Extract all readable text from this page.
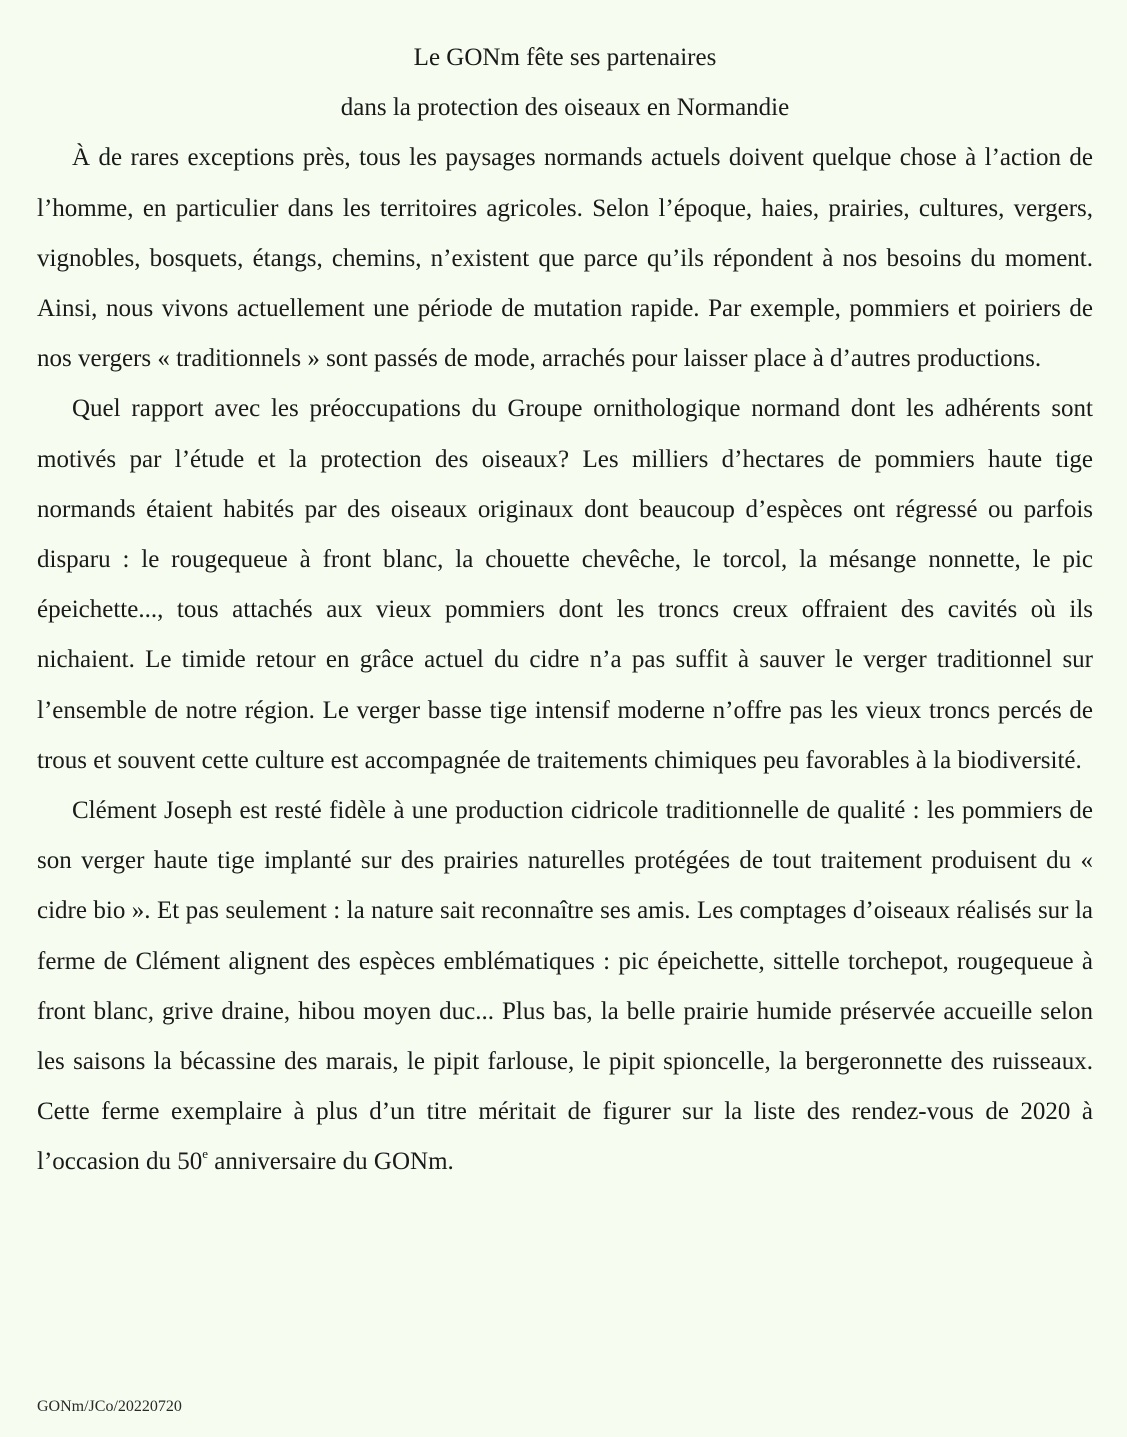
Le GONm fête ses partenaires
dans la protection des oiseaux en Normandie

À de rares exceptions près, tous les paysages normands actuels doivent quelque chose à l’action de l’homme, en particulier dans les territoires agricoles. Selon l’époque, haies, prairies, cultures, vergers, vignobles, bosquets, étangs, chemins, n’existent que parce qu’ils répondent à nos besoins du moment. Ainsi, nous vivons actuellement une période de mutation rapide. Par exemple, pommiers et poiriers de nos vergers « traditionnels » sont passés de mode, arrachés pour laisser place à d’autres productions.

Quel rapport avec les préoccupations du Groupe ornithologique normand dont les adhérents sont motivés par l’étude et la protection des oiseaux? Les milliers d’hectares de pommiers haute tige normands étaient habités par des oiseaux originaux dont beaucoup d’espèces ont régressé ou parfois disparu : le rougequeue à front blanc, la chouette chevêche, le torcol, la mésange nonnette, le pic épeichette..., tous attachés aux vieux pommiers dont les troncs creux offraient des cavités où ils nichaient. Le timide retour en grâce actuel du cidre n’a pas suffit à sauver le verger traditionnel sur l’ensemble de notre région. Le verger basse tige intensif moderne n’offre pas les vieux troncs percés de trous et souvent cette culture est accompagnée de traitements chimiques peu favorables à la biodiversité.

Clément Joseph est resté fidèle à une production cidricole traditionnelle de qualité : les pommiers de son verger haute tige implanté sur des prairies naturelles protégées de tout traitement produisent du « cidre bio ». Et pas seulement : la nature sait reconnaître ses amis. Les comptages d’oiseaux réalisés sur la ferme de Clément alignent des espèces emblématiques : pic épeichette, sittelle torchepot, rougequeue à front blanc, grive draine, hibou moyen duc... Plus bas, la belle prairie humide préservée accueille selon les saisons la bécassine des marais, le pipit farlouse, le pipit spioncelle, la bergeronnette des ruisseaux. Cette ferme exemplaire à plus d’un titre méritait de figurer sur la liste des rendez-vous de 2020 à l’occasion du 50e anniversaire du GONm.

GONm/JCo/20220720
